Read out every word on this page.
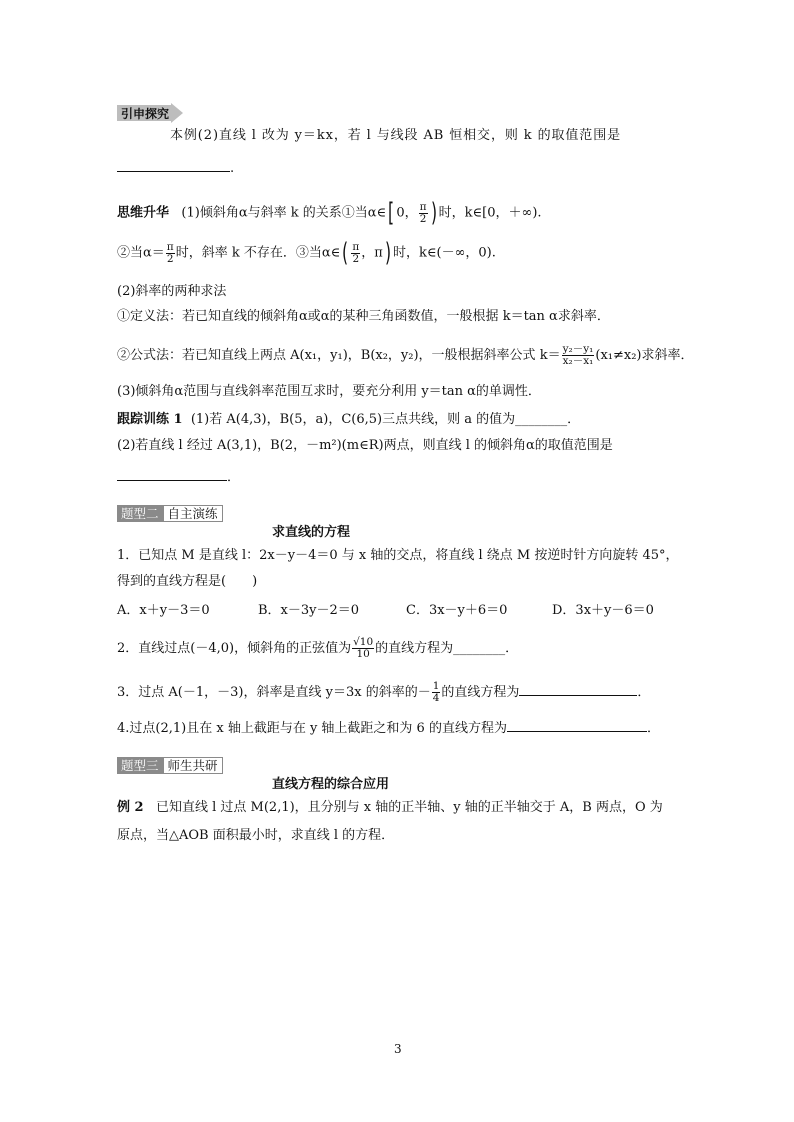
引申探究
本例(2)直线 l 改为 y＝kx，若 l 与线段 AB 恒相交，则 k 的取值范围是
.
思维升华 (1)倾斜角α与斜率 k 的关系①当α∈[ 0， $\frac{\pi}{2}$ ) 时，k∈[0，＋∞).
②当$\alpha= \frac{\pi}{2}$ 时，斜率 k 不存在．③当α∈( $\frac{\pi}{2}$ ，π) 时，k∈(－∞，0).
(2)斜率的两种求法
①定义法：若已知直线的倾斜角α或α的某种三角函数值，一般根据 k＝tan α求斜率．
②公式法：若已知直线上两点 A(x₁，y₁)，B(x₂，y₂)，一般根据斜率公式 $k= \frac{\text{y₂－y₁}}{\text{x₂－x₁}} (x_1\ne x_2)$求斜率．
(3)倾斜角α范围与直线斜率范围互求时，要充分利用 y＝tan α的单调性．
跟踪训练 1 (1)若 A(4,3)，B(5，a)，C(6,5)三点共线，则 a 的值为________．
(2)若直线 l 经过 A(3,1)，B(2，－m²)(m∈R)两点，则直线 l 的倾斜角α的取值范围是
．
题型二 自主演练
求直线的方程
1．已知点 M 是直线 l：2x－y－4＝0 与 x 轴的交点，将直线 l 绕点 M 按逆时针方向旋转 45°，
得到的直线方程是(　　)
A．x＋y－3＝0	B．x－3y－2＝0	C．3x－y＋6＝0	D．3x＋y－6＝0
2．直线过点(－4,0)，倾斜角的正弦值为 $\frac{√10}{10}$ 的直线方程为________．
3．过点 A(－1，－3)，斜率是直线 y＝3x 的斜率的－ $\frac{1}{4}$ 的直线方程为	．
4.过点(2,1)且在 x 轴上截距与在 y 轴上截距之和为 6 的直线方程为	．
题型三 师生共研
直线方程的综合应用
例 2 已知直线 l 过点 M(2,1)，且分别与 x 轴的正半轴、y 轴的正半轴交于 A，B 两点，O 为
原点，当△AOB 面积最小时，求直线 l 的方程．
3
